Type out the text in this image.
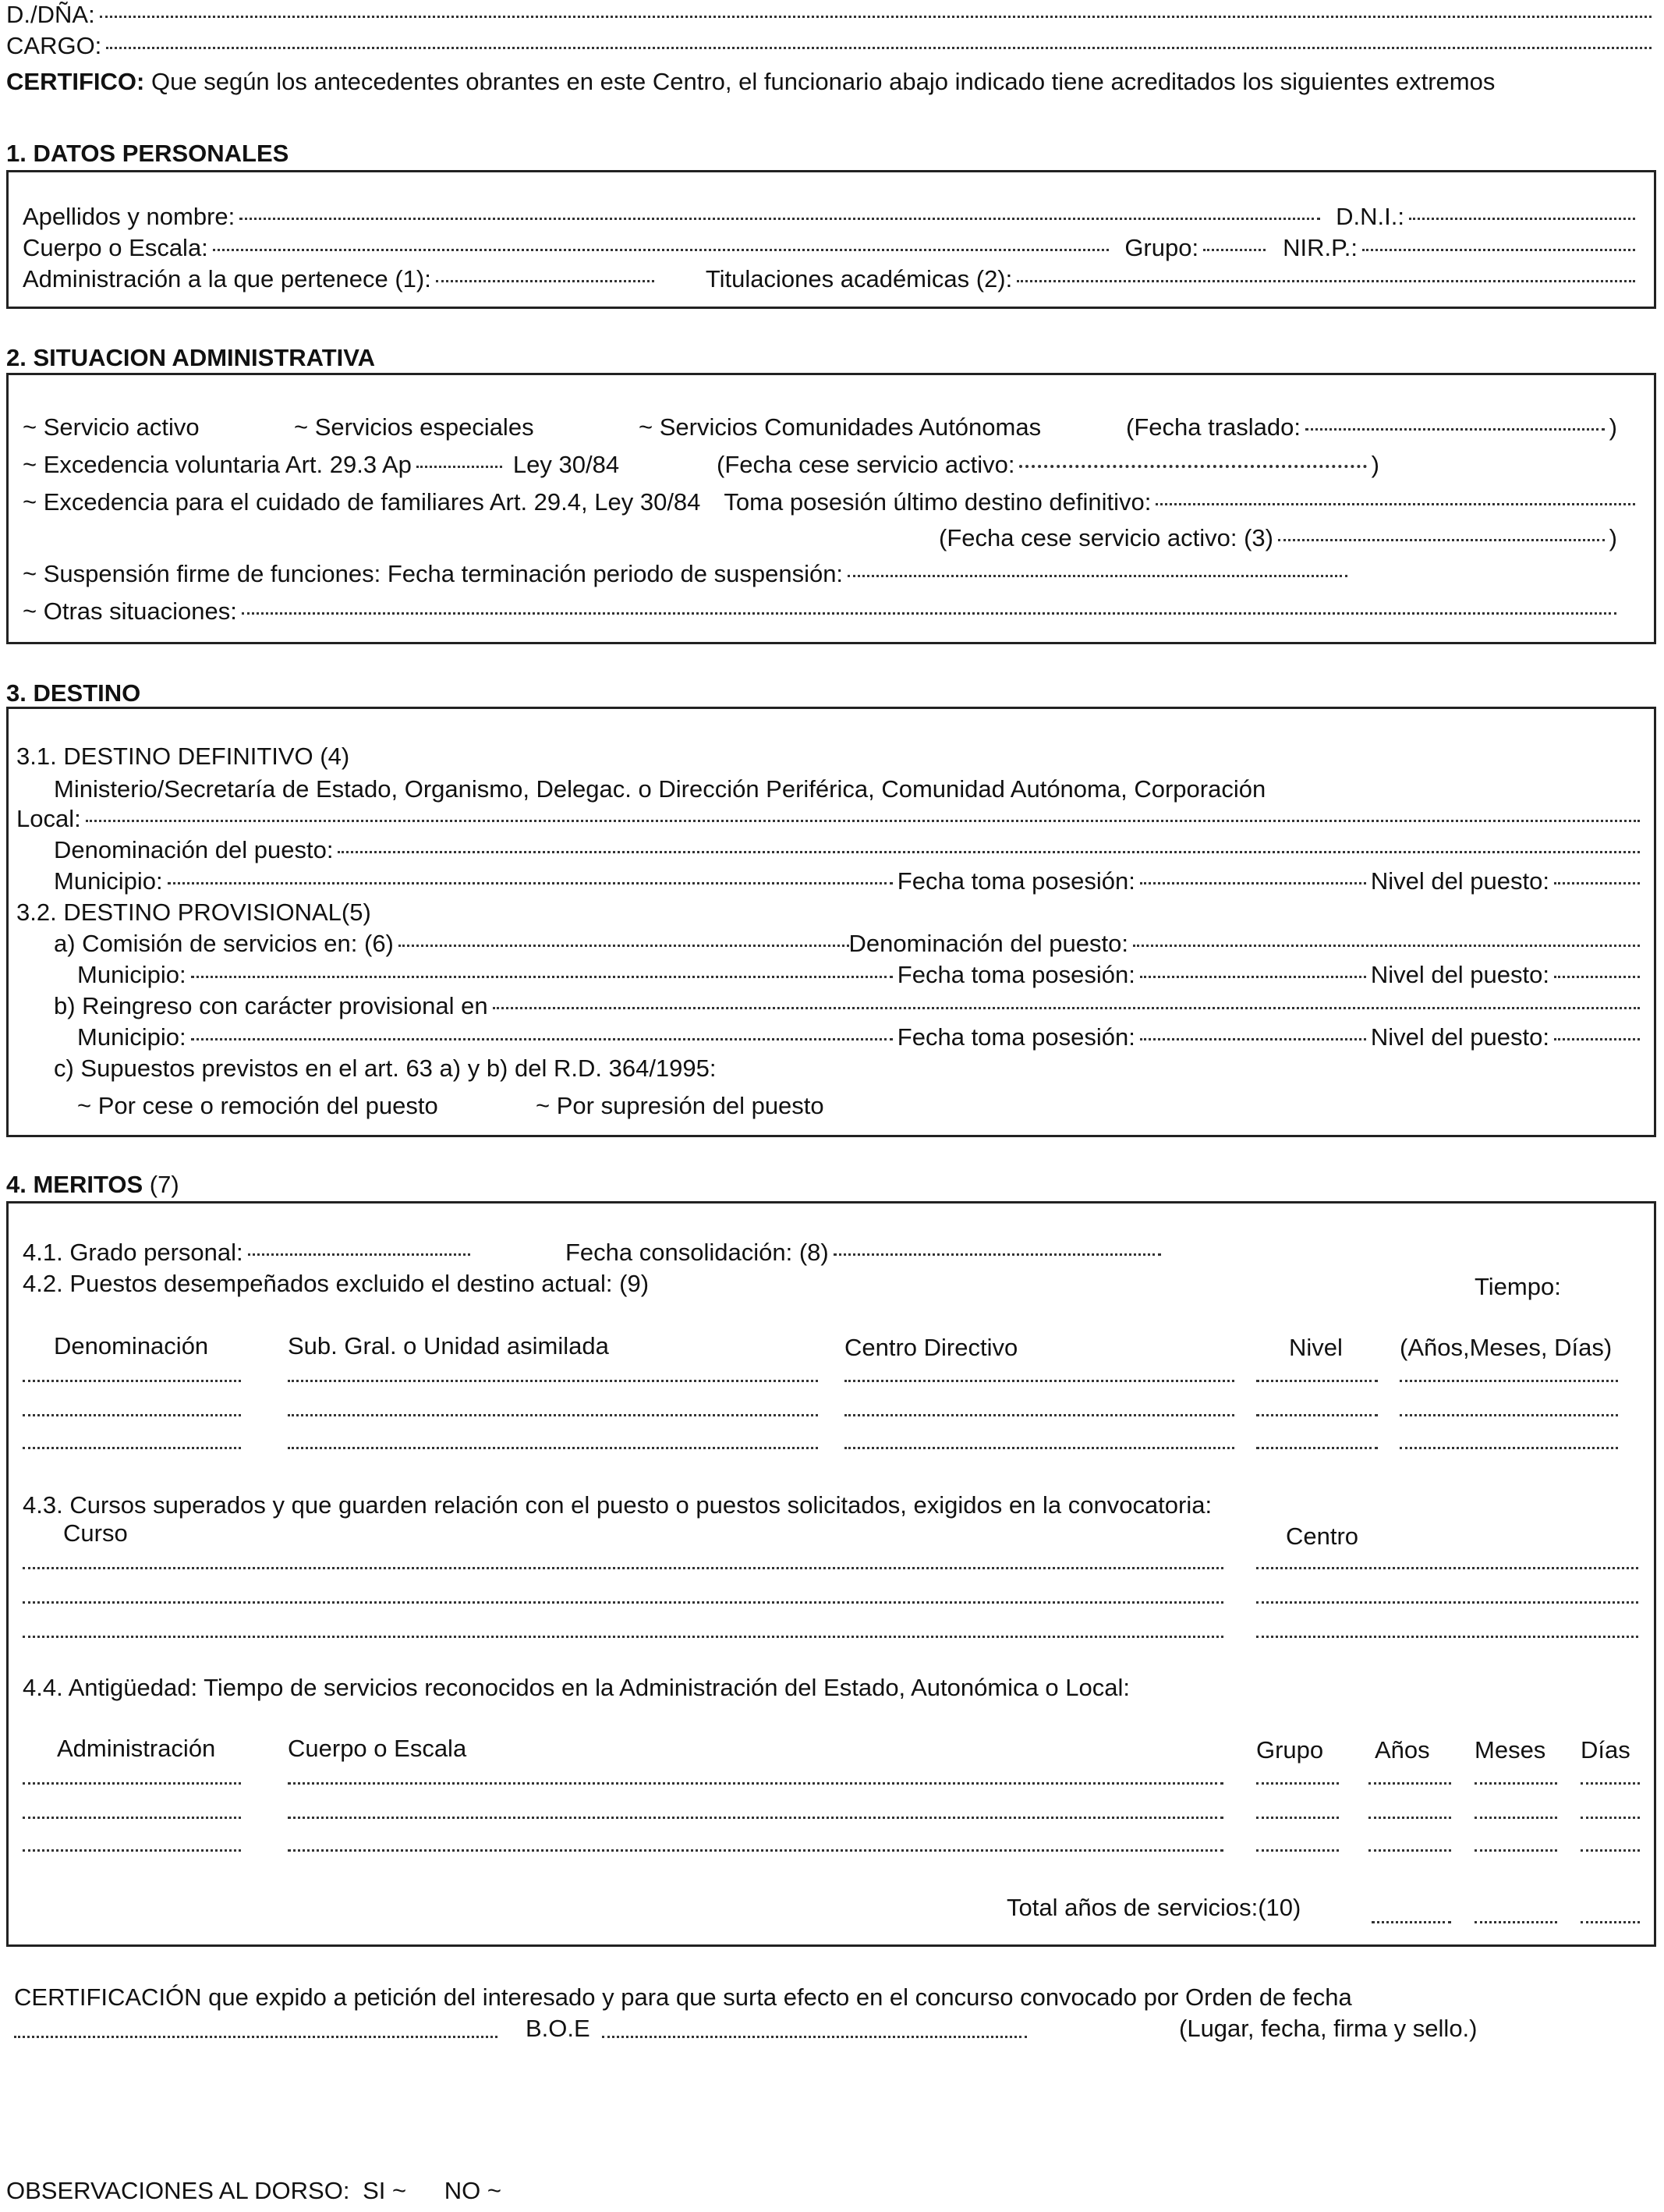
D./DÑA:
CARGO:
CERTIFICO: Que según los antecedentes obrantes en este Centro, el funcionario abajo indicado tiene acreditados los siguientes extremos
1. DATOS PERSONALES
Apellidos y nombre:	D.N.I.:
Cuerpo o Escala:	Grupo:	NIR.P.:
Administración a la que pertenece (1):	Titulaciones académicas (2):
2. SITUACION ADMINISTRATIVA
~ Servicio activo	~ Servicios especiales	~ Servicios Comunidades Autónomas	(Fecha traslado:	)
~ Excedencia voluntaria Art. 29.3 Ap	Ley 30/84	(Fecha cese servicio activo:	)
~ Excedencia para el cuidado de familiares Art. 29.4, Ley 30/84 Toma posesión último destino definitivo:
(Fecha cese servicio activo: (3)	)
~ Suspensión firme de funciones: Fecha terminación periodo de suspensión:
~ Otras situaciones:
3. DESTINO
3.1. DESTINO DEFINITIVO (4)
Ministerio/Secretaría de Estado, Organismo, Delegac. o Dirección Periférica, Comunidad Autónoma, Corporación
Local:
Denominación del puesto:
Municipio:	Fecha toma posesión:	Nivel del puesto:
3.2. DESTINO PROVISIONAL(5)
a) Comisión de servicios en: (6)	Denominación del puesto:
Municipio:	Fecha toma posesión:	Nivel del puesto:
b) Reingreso con carácter provisional en
Municipio:	Fecha toma posesión:	Nivel del puesto:
c) Supuestos previstos en el art. 63 a) y b) del R.D. 364/1995:
~ Por cese o remoción del puesto	~ Por supresión del puesto
4. MERITOS (7)
4.1. Grado personal:	Fecha consolidación: (8)
4.2. Puestos desempeñados excluido el destino actual: (9)	Tiempo:
Denominación	Sub. Gral. o Unidad asimilada	Centro Directivo	Nivel (Años,Meses, Días)
4.3. Cursos superados y que guarden relación con el puesto o puestos solicitados, exigidos en la convocatoria:
Curso	Centro
4.4. Antigüedad: Tiempo de servicios reconocidos en la Administración del Estado, Autonómica o Local:
Administración	Cuerpo o Escala	Grupo Años Meses Días
Total años de servicios:(10)
CERTIFICACIÓN que expido a petición del interesado y para que surta efecto en el concurso convocado por Orden de fecha
B.O.E	(Lugar, fecha, firma y sello.)
OBSERVACIONES AL DORSO: SI ~ NO ~
